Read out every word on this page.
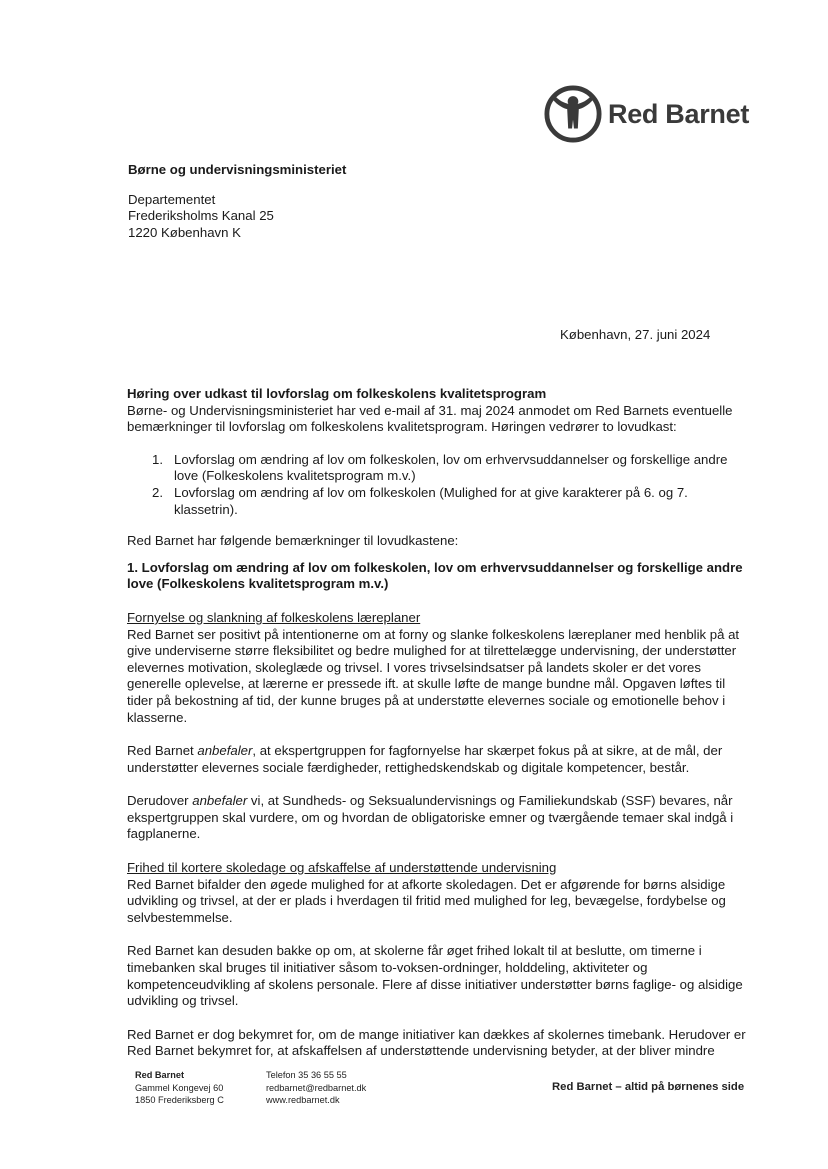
Red Barnet
Børne og undervisningsministeriet
Departementet
Frederiksholms Kanal 25
1220 København K
København, 27. juni 2024

Høring over udkast til lovforslag om folkeskolens kvalitetsprogram

Børne- og Undervisningsministeriet har ved e-mail af 31. maj 2024 anmodet om Red Barnets eventuelle bemærkninger til lovforslag om folkeskolens kvalitetsprogram. Høringen vedrører to lovudkast:

1. Lovforslag om ændring af lov om folkeskolen, lov om erhvervsuddannelser og forskellige andre love (Folkeskolens kvalitetsprogram m.v.)
2. Lovforslag om ændring af lov om folkeskolen (Mulighed for at give karakterer på 6. og 7. klassetrin).

Red Barnet har følgende bemærkninger til lovudkastene:

1. Lovforslag om ændring af lov om folkeskolen, lov om erhvervsuddannelser og forskellige andre love (Folkeskolens kvalitetsprogram m.v.)

Fornyelse og slankning af folkeskolens læreplaner

Red Barnet ser positivt på intentionerne om at forny og slanke folkeskolens læreplaner med henblik på at give underviserne større fleksibilitet og bedre mulighed for at tilrettelægge undervisning, der understøtter elevernes motivation, skoleglæde og trivsel. I vores trivselsindsatser på landets skoler er det vores generelle oplevelse, at lærerne er pressede ift. at skulle løfte de mange bundne mål. Opgaven løftes til tider på bekostning af tid, der kunne bruges på at understøtte elevernes sociale og emotionelle behov i klasserne.

Red Barnet anbefaler, at ekspertgruppen for fagfornyelse har skærpet fokus på at sikre, at de mål, der understøtter elevernes sociale færdigheder, rettighedskendskab og digitale kompetencer, består.

Derudover anbefaler vi, at Sundheds- og Seksualundervisnings og Familiekundskab (SSF) bevares, når ekspertgruppen skal vurdere, om og hvordan de obligatoriske emner og tværgående temaer skal indgå i fagplanerne.

Frihed til kortere skoledage og afskaffelse af understøttende undervisning

Red Barnet bifalder den øgede mulighed for at afkorte skoledagen. Det er afgørende for børns alsidige udvikling og trivsel, at der er plads i hverdagen til fritid med mulighed for leg, bevægelse, fordybelse og selvbestemmelse.

Red Barnet kan desuden bakke op om, at skolerne får øget frihed lokalt til at beslutte, om timerne i timebanken skal bruges til initiativer såsom to-voksen-ordninger, holddeling, aktiviteter og kompetenceudvikling af skolens personale. Flere af disse initiativer understøtter børns faglige- og alsidige udvikling og trivsel.

Red Barnet er dog bekymret for, om de mange initiativer kan dækkes af skolernes timebank. Herudover er Red Barnet bekymret for, at afskaffelsen af understøttende undervisning betyder, at der bliver mindre

Red Barnet
Gammel Kongevej 60
1850 Frederiksberg C
Telefon 35 36 55 55
redbarnet@redbarnet.dk
www.redbarnet.dk
Red Barnet – altid på børnenes side
